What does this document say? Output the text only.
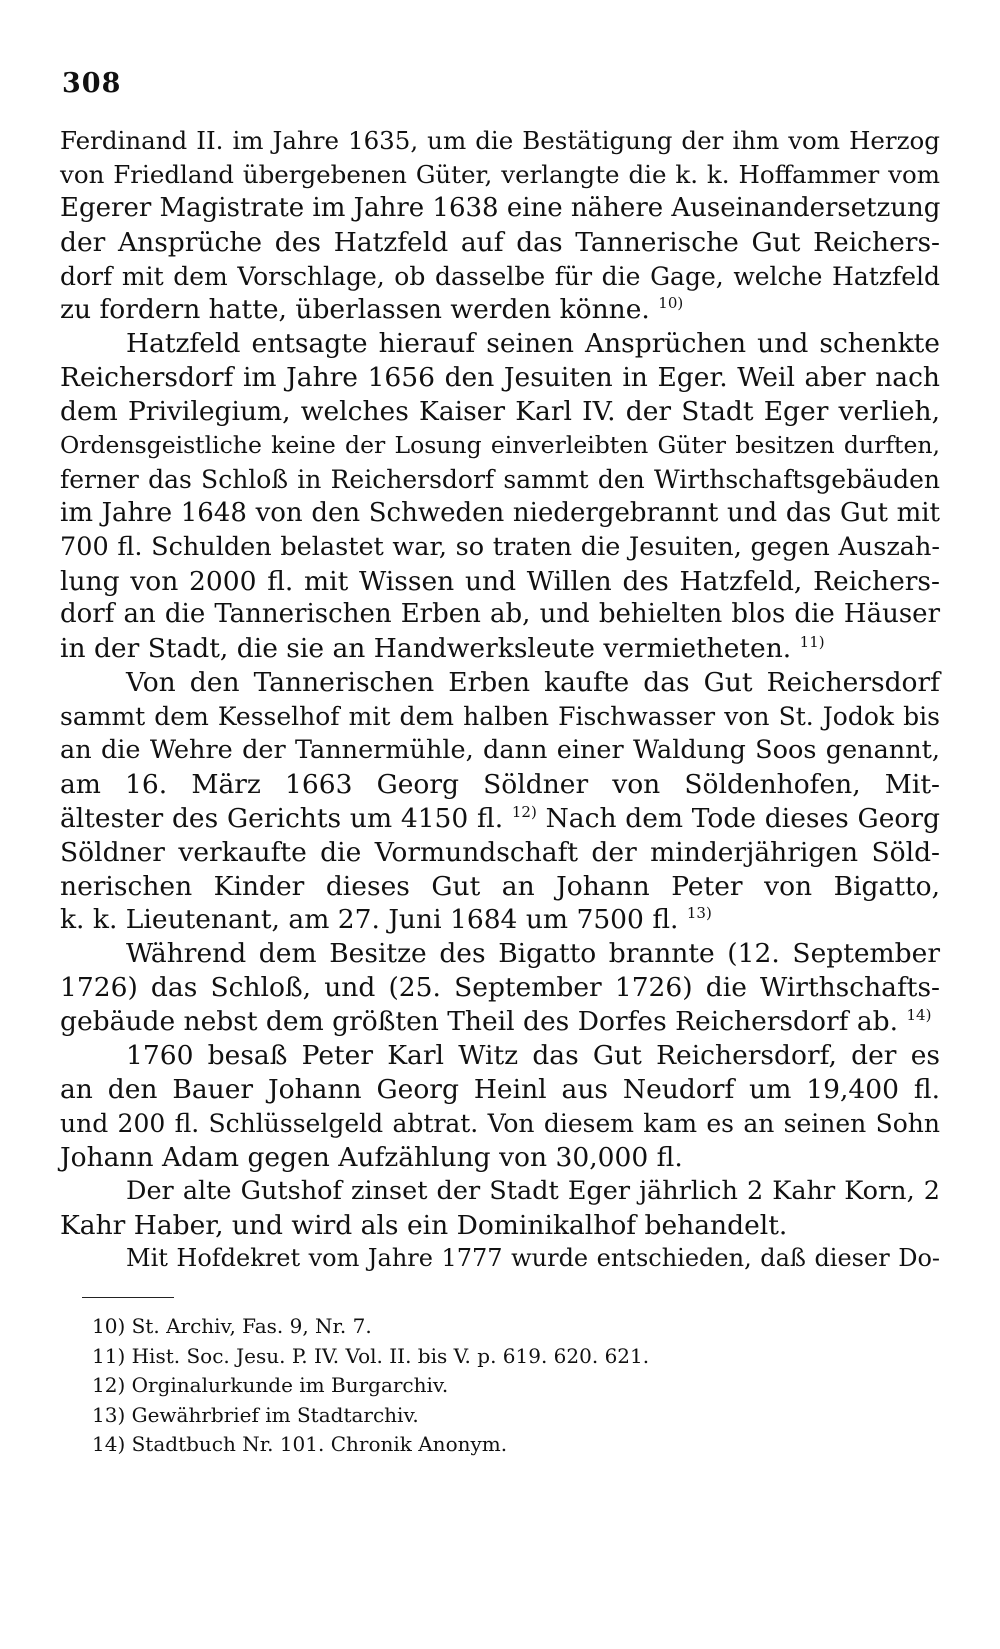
308
Ferdinand II. im Jahre 1635, um die Bestätigung der ihm vom Herzog
von Friedland übergebenen Güter, verlangte die k. k. Hoffammer vom
Egerer Magistrate im Jahre 1638 eine nähere Auseinandersetzung
der Ansprüche des Hatzfeld auf das Tannerische Gut Reichers-
dorf mit dem Vorschlage, ob dasselbe für die Gage, welche Hatzfeld
zu fordern hatte, überlassen werden könne. $^{10)}$
Hatzfeld entsagte hierauf seinen Ansprüchen und schenkte
Reichersdorf im Jahre 1656 den Jesuiten in Eger. Weil aber nach
dem Privilegium, welches Kaiser Karl IV. der Stadt Eger verlieh,
Ordensgeistliche keine der Losung einverleibten Güter besitzen durften,
ferner das Schloß in Reichersdorf sammt den Wirthschaftsgebäuden
im Jahre 1648 von den Schweden niedergebrannt und das Gut mit
700 fl. Schulden belastet war, so traten die Jesuiten, gegen Auszah-
lung von 2000 fl. mit Wissen und Willen des Hatzfeld, Reichers-
dorf an die Tannerischen Erben ab, und behielten blos die Häuser
in der Stadt, die sie an Handwerksleute vermietheten. $^{11)}$
Von den Tannerischen Erben kaufte das Gut Reichersdorf
sammt dem Kesselhof mit dem halben Fischwasser von St. Jodok bis
an die Wehre der Tannermühle, dann einer Waldung Soos genannt,
am 16. März 1663 Georg Söldner von Söldenhofen, Mit-
ältester des Gerichts um 4150 fl. $^{12)}$ Nach dem Tode dieses Georg
Söldner verkaufte die Vormundschaft der minderjährigen Söld-
nerischen Kinder dieses Gut an Johann Peter von Bigatto,
k. k. Lieutenant, am 27. Juni 1684 um 7500 fl. $^{13)}$
Während dem Besitze des Bigatto brannte (12. September
1726) das Schloß, und (25. September 1726) die Wirthschafts-
gebäude nebst dem größten Theil des Dorfes Reichersdorf ab. $^{14)}$
1760 besaß Peter Karl Witz das Gut Reichersdorf, der es
an den Bauer Johann Georg Heinl aus Neudorf um 19,400 fl.
und 200 fl. Schlüsselgeld abtrat. Von diesem kam es an seinen Sohn
Johann Adam gegen Aufzählung von 30,000 fl.
Der alte Gutshof zinset der Stadt Eger jährlich 2 Kahr Korn, 2
Kahr Haber, und wird als ein Dominikalhof behandelt.
Mit Hofdekret vom Jahre 1777 wurde entschieden, daß dieser Do-
10) St. Archiv, Fas. 9, Nr. 7.
11) Hist. Soc. Jesu. P. IV. Vol. II. bis V. p. 619. 620. 621.
12) Orginalurkunde im Burgarchiv.
13) Gewährbrief im Stadtarchiv.
14) Stadtbuch Nr. 101. Chronik Anonym.
